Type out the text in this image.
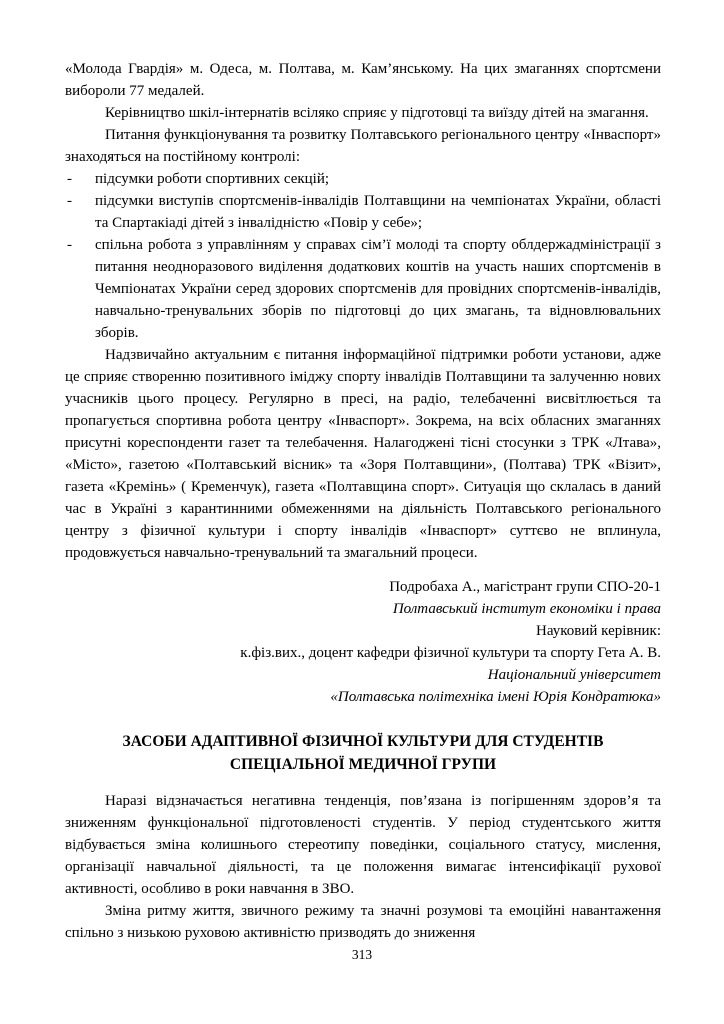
«Молода Гвардія» м. Одеса, м. Полтава, м. Кам’янському. На цих змаганнях спортсмени вибороли 77 медалей.

Керівництво шкіл-інтернатів всіляко сприяє у підготовці та виїзду дітей на змагання.

Питання функціонування та розвитку Полтавського регіонального центру «Інваспорт» знаходяться на постійному контролі:

- підсумки роботи спортивних секцій;
- підсумки виступів спортсменів-інвалідів Полтавщини на чемпіонатах України, області та Спартакіаді дітей з інвалідністю «Повір у себе»;
- спільна робота з управлінням у справах сім’ї молоді та спорту облдержадміністрації з питання неодноразового виділення додаткових коштів на участь наших спортсменів в Чемпіонатах України серед здорових спортсменів для провідних спортсменів-інвалідів, навчально-тренувальних зборів по підготовці до цих змагань, та відновлювальних зборів.

Надзвичайно актуальним є питання інформаційної підтримки роботи установи, адже це сприяє створенню позитивного іміджу спорту інвалідів Полтавщини та залученню нових учасників цього процесу. Регулярно в пресі, на радіо, телебаченні висвітлюється та пропагується спортивна робота центру «Інваспорт». Зокрема, на всіх обласних змаганнях присутні кореспонденти газет та телебачення. Налагоджені тісні стосунки з ТРК «Лтава», «Місто», газетою «Полтавський вісник» та «Зоря Полтавщини», (Полтава) ТРК «Візит», газета «Кремінь» ( Кременчук), газета «Полтавщина спорт». Ситуація що склалась в даний час в Україні з карантинними обмеженнями на діяльність Полтавського регіонального центру з фізичної культури і спорту інвалідів «Інваспорт» суттєво не вплинула, продовжується навчально-тренувальний та змагальний процеси.

Подробаха А., магістрант групи СПО-20-1

Полтавський інститут економіки і права

Науковий керівник:

к.фіз.вих., доцент кафедри фізичної культури та спорту Гета А. В.

Національний університет

«Полтавська політехніка імені Юрія Кондратюка»

ЗАСОБИ АДАПТИВНОЇ ФІЗИЧНОЇ КУЛЬТУРИ ДЛЯ СТУДЕНТІВ СПЕЦІАЛЬНОЇ МЕДИЧНОЇ ГРУПИ

Наразі відзначається негативна тенденція, пов’язана із погіршенням здоров’я та зниженням функціональної підготовленості студентів. У період студентського життя відбувається зміна колишнього стереотипу поведінки, соціального статусу, мислення, організації навчальної діяльності, та це положення вимагає інтенсифікації рухової активності, особливо в роки навчання в ЗВО.

Зміна ритму життя, звичного режиму та значні розумові та емоційні навантаження спільно з низькою руховою активністю призводять до зниження

313
